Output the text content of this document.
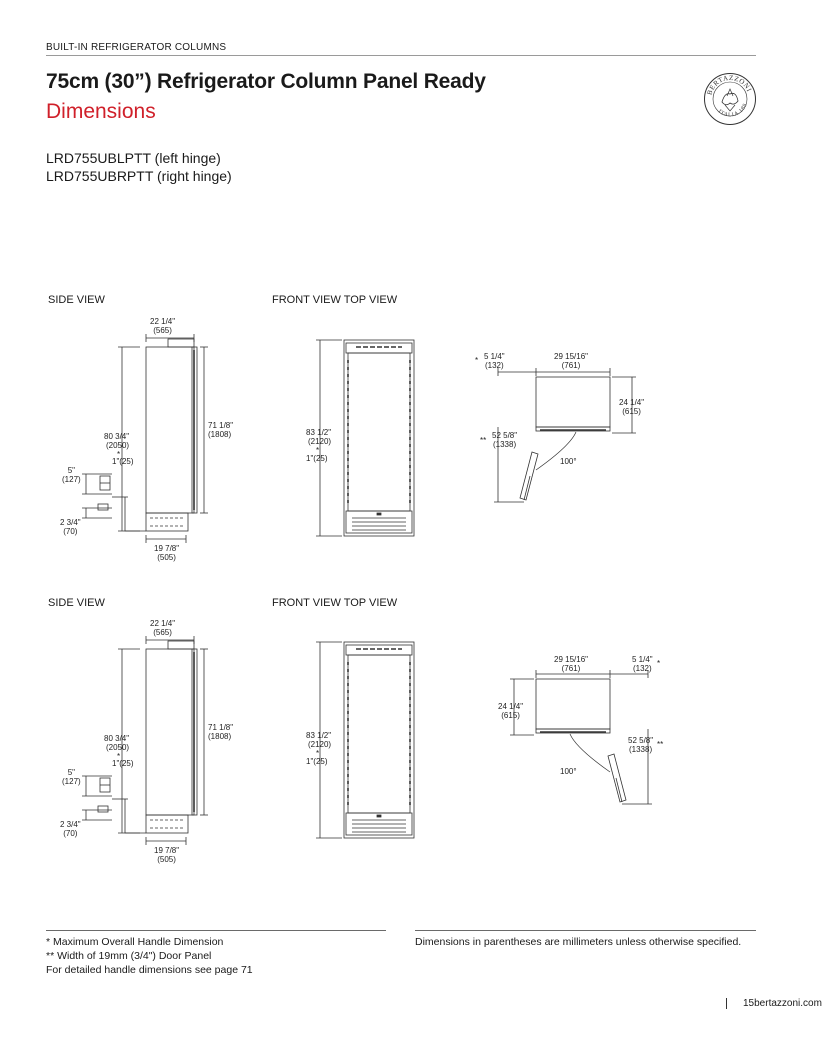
BUILT-IN REFRIGERATOR COLUMNS
75cm (30”) Refrigerator Column Panel Ready
Dimensions
BERTAZZONI
ITALIA 188
LRD755UBLPTT (left hinge)
LRD755UBRPTT (right hinge)
SIDE VIEW	FRONT VIEW TOP VIEW
22 1/4"
(565)
80 3/4"
(2050)
*
1"(25)
71 1/8"
(1808)
5"
(127)
2 3/4"
(70)
19 7/8"
(505)
83 1/2"
(2120)
*
1"(25)
* 5 1/4"
(132)
29 15/16"
(761)
24 1/4"
(615)
**
52 5/8"
(1338)
100°
SIDE VIEW	FRONT VIEW TOP VIEW
22 1/4"
(565)
80 3/4"
(2050)
*
1"(25)
71 1/8"
(1808)
5"
(127)
2 3/4"
(70)
19 7/8"
(505)
83 1/2"
(2120)
*
1"(25)
29 15/16"
(761)
5 1/4"
(132)
*
24 1/4"
(615)
52 5/8"
(1338)
**
100°
* Maximum Overall Handle Dimension
** Width of 19mm (3/4") Door Panel
For detailed handle dimensions see page 71
Dimensions in parentheses are millimeters unless otherwise specified.
15bertazzoni.com
